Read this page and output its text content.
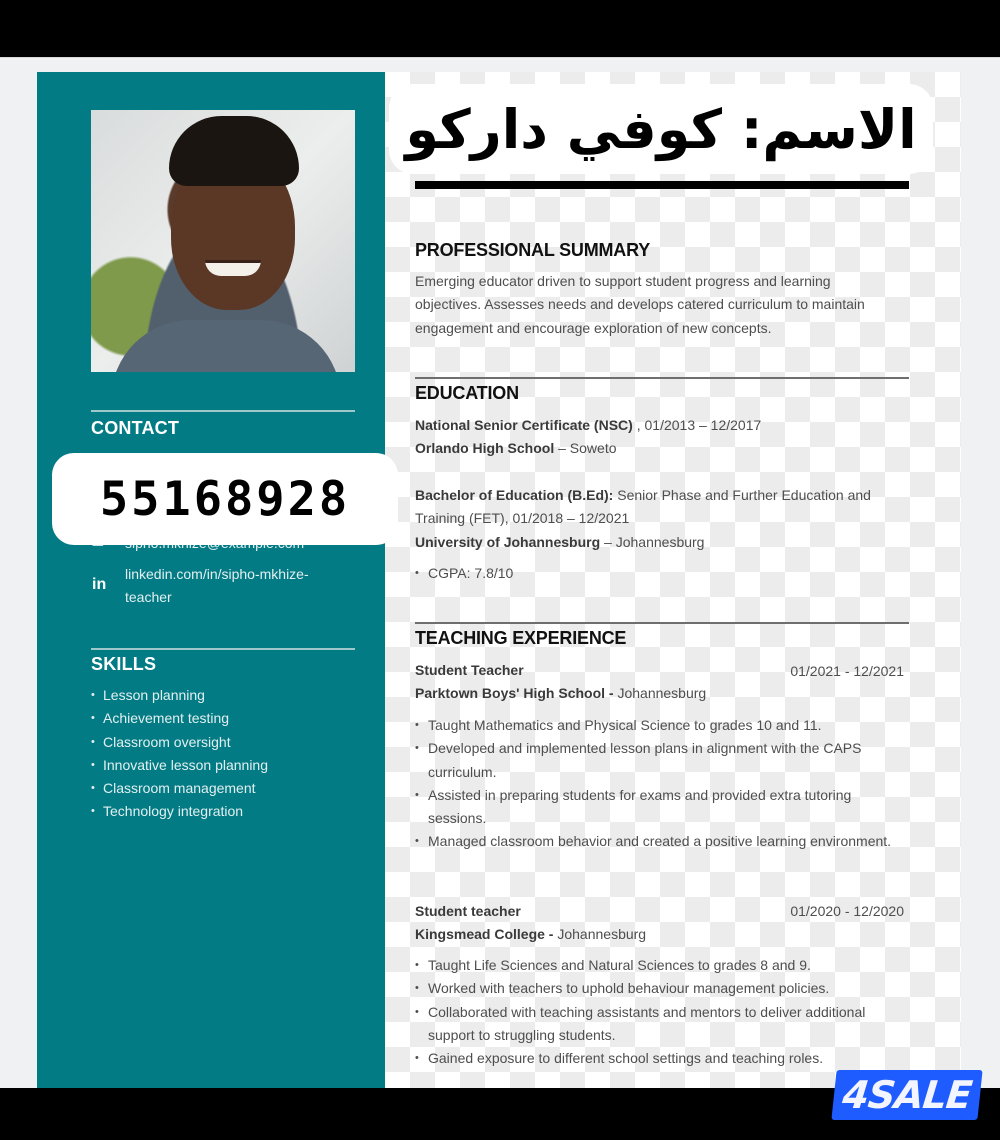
CONTACT
in
linkedin.com/in/sipho-mkhize-
teacher
SKILLS
• Lesson planning
• Achievement testing
• Classroom oversight
• Innovative lesson planning
• Classroom management
• Technology integration
الاسم: كوفي داركو
PROFESSIONAL SUMMARY
Emerging educator driven to support student progress and learning
objectives. Assesses needs and develops catered curriculum to maintain
engagement and encourage exploration of new concepts.
EDUCATION
National Senior Certificate (NSC) , 01/2013 – 12/2017
Orlando High School – Soweto
Bachelor of Education (B.Ed): Senior Phase and Further Education and
Training (FET), 01/2018 – 12/2021
University of Johannesburg – Johannesburg
• CGPA: 7.8/10
TEACHING EXPERIENCE
Student Teacher
Parktown Boys' High School - Johannesburg
01/2021 - 12/2021
• Taught Mathematics and Physical Science to grades 10 and 11.
• Developed and implemented lesson plans in alignment with the CAPS curriculum.
• Assisted in preparing students for exams and provided extra tutoring sessions.
• Managed classroom behavior and created a positive learning environment.
Student teacher
Kingsmead College - Johannesburg
01/2020 - 12/2020
• Taught Life Sciences and Natural Sciences to grades 8 and 9.
• Worked with teachers to uphold behaviour management policies.
• Collaborated with teaching assistants and mentors to deliver additional support to struggling students.
• Gained exposure to different school settings and teaching roles.
55168928
4SALE
